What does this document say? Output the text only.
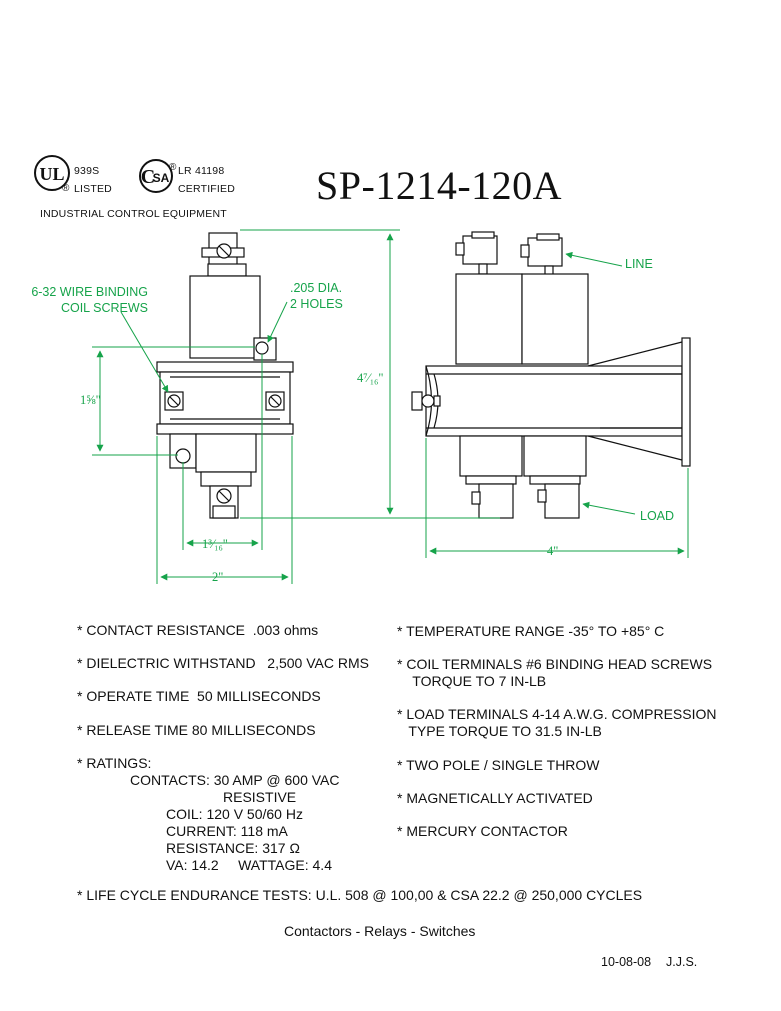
UL	C
SA
®
939S
LISTED
® LR 41198
CERTIFIED
INDUSTRIAL CONTROL EQUIPMENT
SP-1214-120A
6-32 WIRE BINDING
COIL SCREWS
.205 DIA.
2 HOLES
LINE
LOAD
1⅝"
4⁷⁄₁₆"
1³⁄₁₆"
2"
4"
* CONTACT RESISTANCE  .003 ohms
* DIELECTRIC WITHSTAND   2,500 VAC RMS
* OPERATE TIME  50 MILLISECONDS
* RELEASE TIME 80 MILLISECONDS
* RATINGS:
CONTACTS: 30 AMP @ 600 VAC
RESISTIVE
COIL: 120 V 50/60 Hz
CURRENT: 118 mA
RESISTANCE: 317 Ω
VA: 14.2     WATTAGE: 4.4
* TEMPERATURE RANGE -35° TO +85° C
* COIL TERMINALS #6 BINDING HEAD SCREWS
TORQUE TO 7 IN-LB
* LOAD TERMINALS 4-14 A.W.G. COMPRESSION
TYPE TORQUE TO 31.5 IN-LB
* TWO POLE / SINGLE THROW
* MAGNETICALLY ACTIVATED
* MERCURY CONTACTOR
* LIFE CYCLE ENDURANCE TESTS: U.L. 508 @ 100,00 & CSA 22.2 @ 250,000 CYCLES
Contactors - Relays - Switches
10-08-08 J.J.S.
